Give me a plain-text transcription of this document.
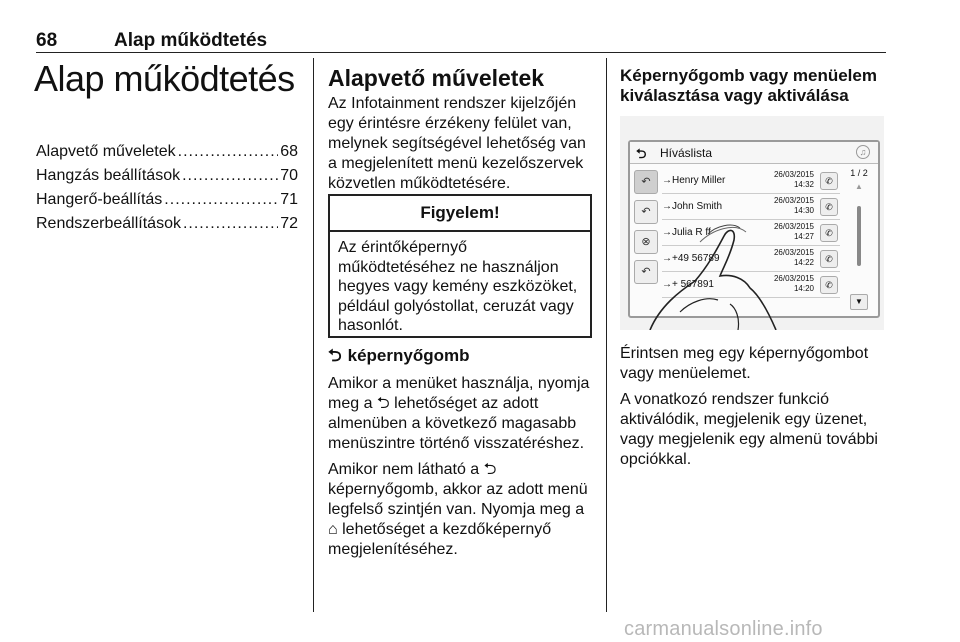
68	Alap működtetés
Alap működtetés
Alapvető műveletek .....	68
Hangzás beállítások .....	70
Hangerő-beállítás .....	71
Rendszerbeállítások .....	72
Alapvető műveletek
Az Infotainment rendszer kijelzőjén egy érintésre érzékeny felület van, melynek segítségével lehetőség van a megjelenített menü kezelőszervek közvetlen működtetésére.
Figyelem!
Az érintőképernyő működtetéséhez ne használjon hegyes vagy kemény eszközöket, például golyóstollat, ceruzát vagy hasonlót.
⮌ képernyőgomb
Amikor a menüket használja, nyomja meg a ⮌ lehetőséget az adott almenüben a következő magasabb menüszintre történő visszatéréshez.
Amikor nem látható a ⮌ képernyőgomb, akkor az adott menü legfelső szintjén van. Nyomja meg a ⌂ lehetőséget a kezdőképernyő megjelenítéséhez.
Képernyőgomb vagy menüelem kiválasztása vagy aktiválása
⮌ Híváslista	♫
↶
↶
⊗
↶
→Henry Miller
26/03/2015
14:32	✆
→John Smith
26/03/2015
14:30	✆
→Julia R ff
26/03/2015
14:27	✆
→+49 56789
26/03/2015
14:22	✆
→+ 567891
26/03/2015
14:20	✆
1 / 2
▲
▼
Érintsen meg egy képernyőgombot vagy menüelemet.
A vonatkozó rendszer funkció aktiválódik, megjelenik egy üzenet, vagy megjelenik egy almenü további opciókkal.
carmanualsonline.info
